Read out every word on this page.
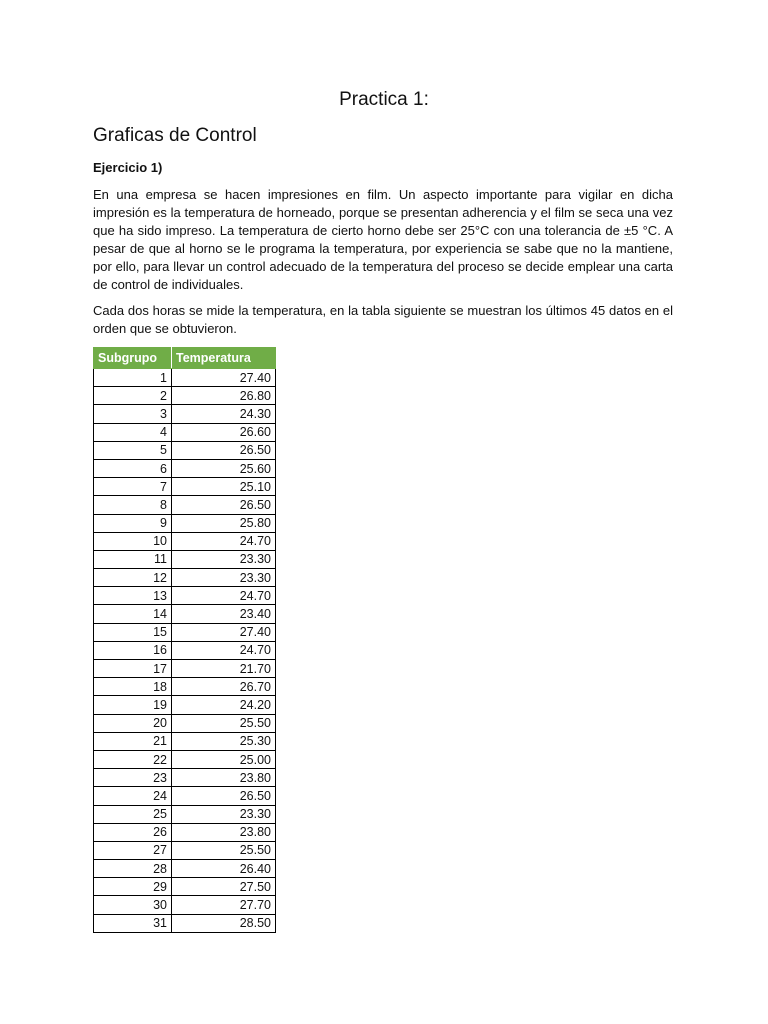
Practica 1:
Graficas de Control
Ejercicio 1)

En una empresa se hacen impresiones en film. Un aspecto importante para vigilar en dicha impresión es la temperatura de horneado, porque se presentan adherencia y el film se seca una vez que ha sido impreso. La temperatura de cierto horno debe ser 25°C con una tolerancia de ±5 °C. A pesar de que al horno se le programa la temperatura, por experiencia se sabe que no la mantiene, por ello, para llevar un control adecuado de la temperatura del proceso se decide emplear una carta de control de individuales.

Cada dos horas se mide la temperatura, en la tabla siguiente se muestran los últimos 45 datos en el orden que se obtuvieron.

Subgrupo	Temperatura
1	27.40
2	26.80
3	24.30
4	26.60
5	26.50
6	25.60
7	25.10
8	26.50
9	25.80
10	24.70
11	23.30
12	23.30
13	24.70
14	23.40
15	27.40
16	24.70
17	21.70
18	26.70
19	24.20
20	25.50
21	25.30
22	25.00
23	23.80
24	26.50
25	23.30
26	23.80
27	25.50
28	26.40
29	27.50
30	27.70
31	28.50
